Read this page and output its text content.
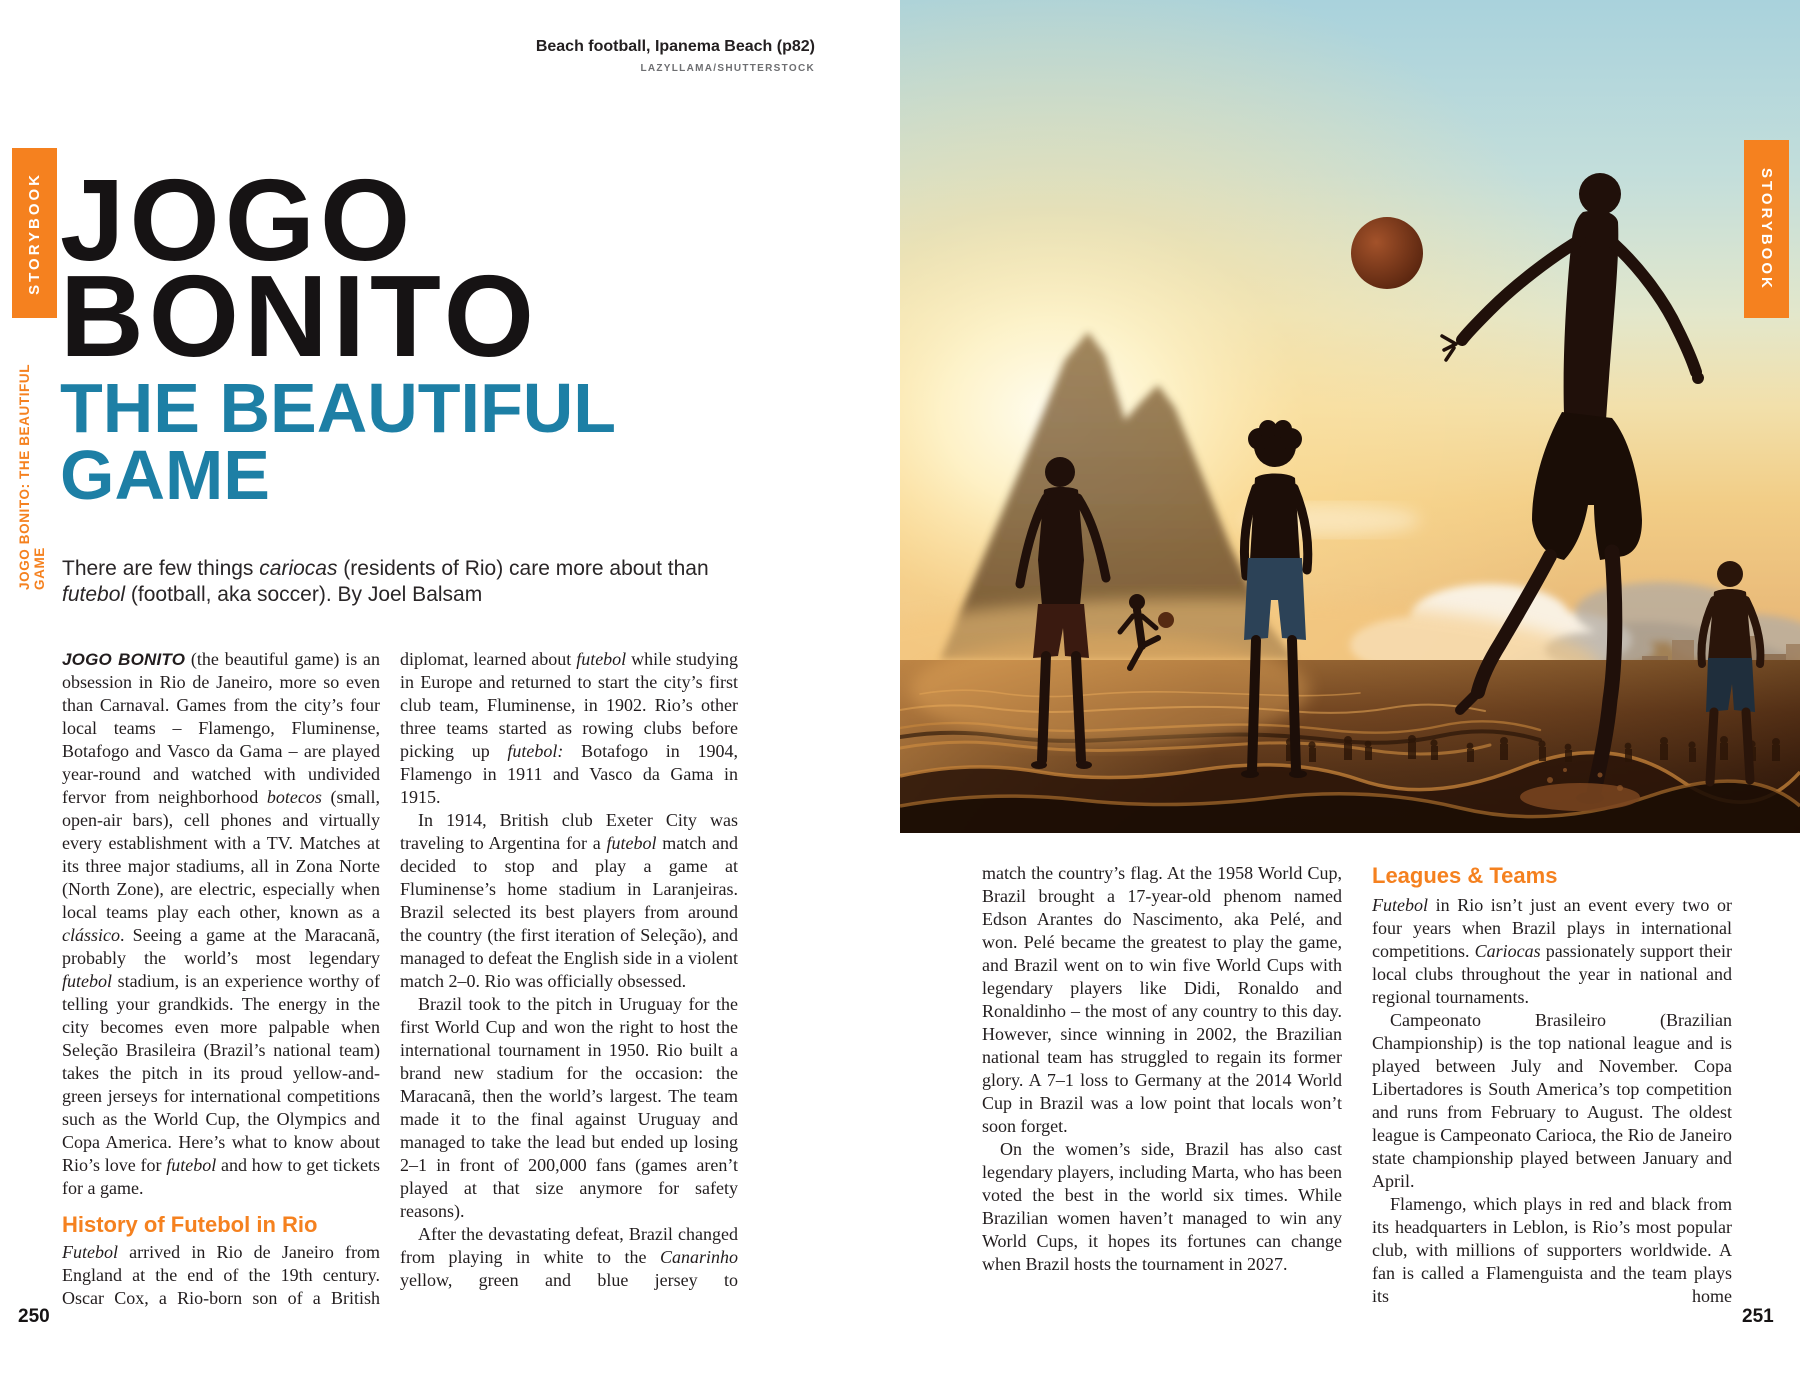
STORYBOOK
JOGO BONITO: THE BEAUTIFUL GAME
Beach football, Ipanema Beach (p82)
LAZYLLAMA/SHUTTERSTOCK
JOGO
BONITO
THE BEAUTIFUL
GAME

There are few things cariocas (residents of Rio) care more about than futebol (football, aka soccer). By Joel Balsam

JOGO BONITO (the beautiful game) is an obsession in Rio de Janeiro, more so even than Carnaval. Games from the city’s four local teams – Flamengo, Fluminense, Botafogo and Vasco da Gama – are played year-round and watched with undivided fervor from neighborhood botecos (small, open-air bars), cell phones and virtually every establishment with a TV. Matches at its three major stadiums, all in Zona Norte (North Zone), are electric, especially when local teams play each other, known as a clássico. Seeing a game at the Maracanã, probably the world’s most legendary futebol stadium, is an experience worthy of telling your grandkids. The energy in the city becomes even more palpable when Seleção Brasileira (Brazil’s national team) takes the pitch in its proud yellow-and-green jerseys for international competitions such as the World Cup, the Olympics and Copa America. Here’s what to know about Rio’s love for futebol and how to get tickets for a game.

History of Futebol in Rio

Futebol arrived in Rio de Janeiro from England at the end of the 19th century. Oscar Cox, a Rio-born son of a British

diplomat, learned about futebol while studying in Europe and returned to start the city’s first club team, Fluminense, in 1902. Rio’s other three teams started as rowing clubs before picking up futebol: Botafogo in 1904, Flamengo in 1911 and Vasco da Gama in 1915.

In 1914, British club Exeter City was traveling to Argentina for a futebol match and decided to stop and play a game at Fluminense’s home stadium in Laranjeiras. Brazil selected its best players from around the country (the first iteration of Seleção), and managed to defeat the English side in a violent match 2–0. Rio was officially obsessed.

Brazil took to the pitch in Uruguay for the first World Cup and won the right to host the international tournament in 1950. Rio built a brand new stadium for the occasion: the Maracanã, then the world’s largest. The team made it to the final against Uruguay and managed to take the lead but ended up losing 2–1 in front of 200,000 fans (games aren’t played at that size anymore for safety reasons).

After the devastating defeat, Brazil changed from playing in white to the Canarinho yellow, green and blue jersey to

250
STORYBOOK

match the country’s flag. At the 1958 World Cup, Brazil brought a 17-year-old phenom named Edson Arantes do Nascimento, aka Pelé, and won. Pelé became the greatest to play the game, and Brazil went on to win five World Cups with legendary players like Didi, Ronaldo and Ronaldinho – the most of any country to this day. However, since winning in 2002, the Brazilian national team has struggled to regain its former glory. A 7–1 loss to Germany at the 2014 World Cup in Brazil was a low point that locals won’t soon forget.

On the women’s side, Brazil has also cast legendary players, including Marta, who has been voted the best in the world six times. While Brazilian women haven’t managed to win any World Cups, it hopes its fortunes can change when Brazil hosts the tournament in 2027.

Leagues & Teams

Futebol in Rio isn’t just an event every two or four years when Brazil plays in international competitions. Cariocas passionately support their local clubs throughout the year in national and regional tournaments.

Campeonato Brasileiro (Brazilian Championship) is the top national league and is played between July and November. Copa Libertadores is South America’s top competition and runs from February to August. The oldest league is Campeonato Carioca, the Rio de Janeiro state championship played between January and April.

Flamengo, which plays in red and black from its headquarters in Leblon, is Rio’s most popular club, with millions of supporters worldwide. A fan is called a Flamenguista and the team plays its home

251
